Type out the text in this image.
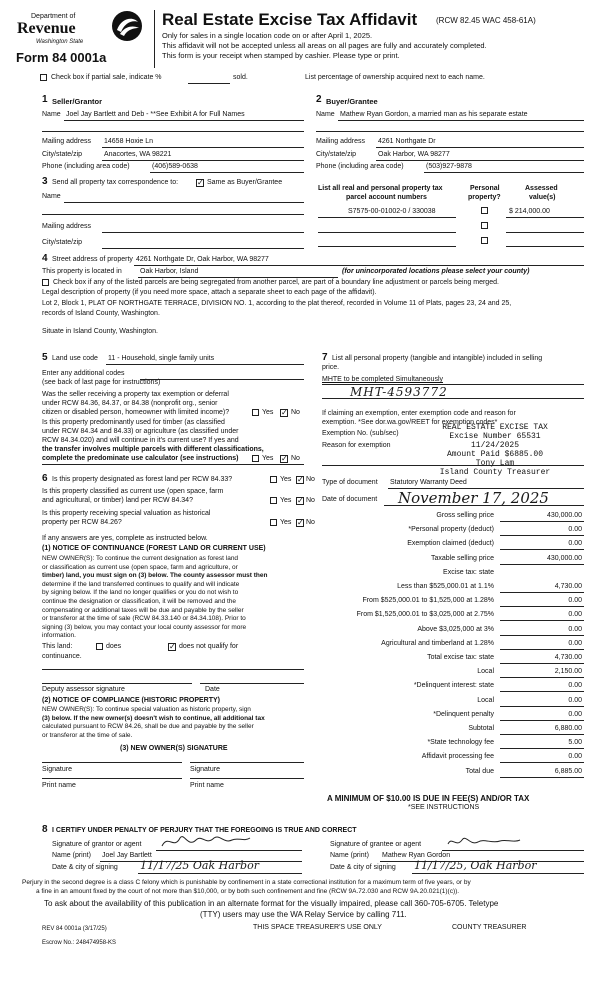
Department of
Revenue
Washington State
Form 84 0001a
Real Estate Excise Tax Affidavit (RCW 82.45 WAC 458-61A)
Only for sales in a single location code on or after April 1, 2025.
This affidavit will not be accepted unless all areas on all pages are fully and accurately completed.
This form is your receipt when stamped by cashier. Please type or print.
Check box if partial sale, indicate %	sold.	List percentage of ownership acquired next to each name.
1 Seller/Grantor
Name Joel Jay Bartlett and Deb - **See Exhibit A for Full Names
Mailing address 14658 Hoxie Ln
City/state/zip	Anacortes, WA 98221
Phone (including area code)	(406)589-0638
2 Buyer/Grantee
Name Mathew Ryan Gordon, a married man as his separate estate
Mailing address 4261 Northgate Dr
City/state/zip	Oak Harbor, WA 98277
Phone (including area code)	(503)927-9878
3 Send all property tax correspondence to: ✓ Same as Buyer/Grantee
Name
Mailing address
City/state/zip
List all real and personal property tax
parcel account numbers
Personal
property?
Assessed
value(s)
S7575-00-01002-0 / 330038	$ 214,000.00
4 Street address of property 4261 Northgate Dr, Oak Harbor, WA 98277
This property is located in	Oak Harbor, Island	(for unincorporated locations please select your county)
Check box if any of the listed parcels are being segregated from another parcel, are part of a boundary line adjustment or parcels being merged.
Legal description of property (if you need more space, attach a separate sheet to each page of the affidavit).
Lot 2, Block 1, PLAT OF NORTHGATE TERRACE, DIVISION NO. 1, according to the plat thereof, recorded in Volume 11 of Plats, pages 23, 24 and 25,
records of Island County, Washington.
Situate in Island County, Washington.
5 Land use code 11 - Household, single family units
Enter any additional codes
(see back of last page for instructions)
Was the seller receiving a property tax exemption or deferral
under RCW 84.36, 84.37, or 84.38 (nonprofit org., senior
citizen or disabled person, homeowner with limited income)?	Yes ✓ No
Is this property predominantly used for timber (as classified
under RCW 84.34 and 84.33) or agriculture (as classified under
RCW 84.34.020) and will continue in it's current use? If yes and
the transfer involves multiple parcels with different classifications,
complete the predominate use calculator (see instructions)	Yes ✓ No
6 Is this property designated as forest land per RCW 84.33?	Yes ✓ No
Is this property classified as current use (open space, farm
and agricultural, or timber) land per RCW 84.34?	Yes ✓ No
Is this property receiving special valuation as historical
property per RCW 84.26?	Yes ✓ No
If any answers are yes, complete as instructed below.
(1) NOTICE OF CONTINUANCE (FOREST LAND OR CURRENT USE)
NEW OWNER(S): To continue the current designation as forest land
or classification as current use (open space, farm and agriculture, or
timber) land, you must sign on (3) below. The county assessor must then
determine if the land transferred continues to qualify and will indicate
by signing below. If the land no longer qualifies or you do not wish to
continue the designation or classification, it will be removed and the
compensating or additional taxes will be due and payable by the seller
or transferor at the time of sale (RCW 84.33.140 or 84.34.108). Prior to
signing (3) below, you may contact your local county assessor for more
information.
This land:	does	✓ does not qualify for
continuance.
Deputy assessor signature	Date
(2) NOTICE OF COMPLIANCE (HISTORIC PROPERTY)
NEW OWNER(S): To continue special valuation as historic property, sign
(3) below. If the new owner(s) doesn't wish to continue, all additional tax
calculated pursuant to RCW 84.26, shall be due and payable by the seller
or transferor at the time of sale.
(3) NEW OWNER(S) SIGNATURE
Signature	Signature
Print name	Print name
7 List all personal property (tangible and intangible) included in selling
price.
MHTE to be completed Simultaneously
MHT-4593772
If claiming an exemption, enter exemption code and reason for
exemption. *See dor.wa.gov/REET for exemption codes*
Exemption No. (sub/sec)
Reason for exemption
REAL ESTATE EXCISE TAX
Excise Number 65531
11/24/2025
Amount Paid $6885.00
Tony Lam
Island County Treasurer
Type of document Statutory Warranty Deed
Date of document November 17, 2025
Gross selling price	430,000.00
*Personal property (deduct)	0.00
Exemption claimed (deduct)	0.00
Taxable selling price	430,000.00
Excise tax: state
Less than $525,000.01 at 1.1%	4,730.00
From $525,000.01 to $1,525,000 at 1.28%	0.00
From $1,525,000.01 to $3,025,000 at 2.75%	0.00
Above $3,025,000 at 3%	0.00
Agricultural and timberland at 1.28%	0.00
Total excise tax: state	4,730.00
Local	2,150.00
*Delinquent interest: state	0.00
Local	0.00
*Delinquent penalty	0.00
Subtotal	6,880.00
*State technology fee	5.00
Affidavit processing fee	0.00
Total due	6,885.00
A MINIMUM OF $10.00 IS DUE IN FEE(S) AND/OR TAX
*SEE INSTRUCTIONS
8 I CERTIFY UNDER PENALTY OF PERJURY THAT THE FOREGOING IS TRUE AND CORRECT
Signature of grantor or agent
Name (print) Joel Jay Bartlett
Date & city of signing 11/17/25 Oak Harbor
Signature of grantee or agent
Name (print) Mathew Ryan Gordon
Date & city of signing 11/17/25, Oak Harbor
Perjury in the second degree is a class C felony which is punishable by confinement in a state correctional institution for a maximum term of five years, or by
a fine in an amount fixed by the court of not more than $10,000, or by both such confinement and fine (RCW 9A.72.030 and RCW 9A.20.021(1)(c)).
To ask about the availability of this publication in an alternate format for the visually impaired, please call 360-705-6705. Teletype
(TTY) users may use the WA Relay Service by calling 711.
REV 84 0001a (3/17/25)	THIS SPACE TREASURER'S USE ONLY	COUNTY TREASURER
Escrow No.: 248474958-KS
